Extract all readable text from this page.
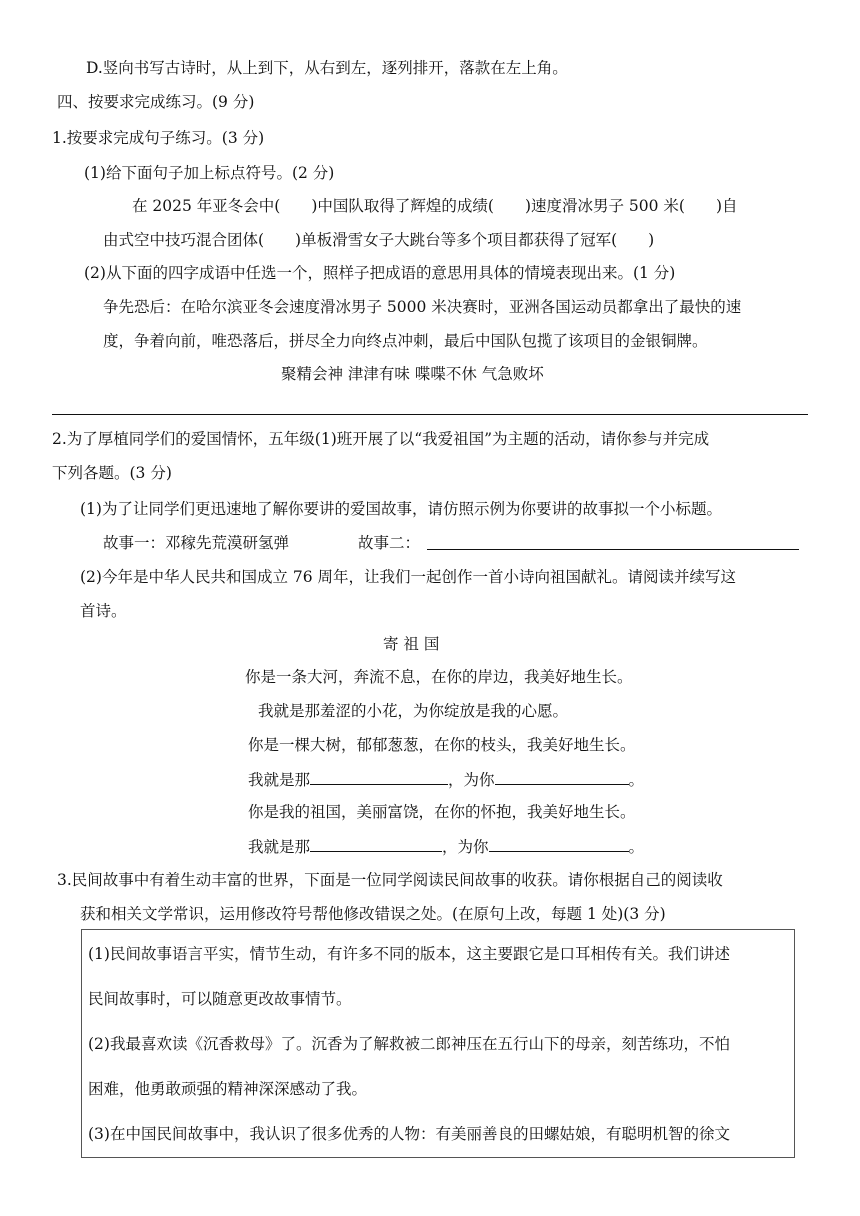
D.竖向书写古诗时，从上到下，从右到左，逐列排开，落款在左上角。
四、按要求完成练习。(9 分)
1.按要求完成句子练习。(3 分)
(1)给下面句子加上标点符号。(2 分)
在 2025 年亚冬会中(　　)中国队取得了辉煌的成绩(　　)速度滑冰男子 500 米(　　)自
由式空中技巧混合团体(　　)单板滑雪女子大跳台等多个项目都获得了冠军(　　)
(2)从下面的四字成语中任选一个，照样子把成语的意思用具体的情境表现出来。(1 分)
争先恐后：在哈尔滨亚冬会速度滑冰男子 5000 米决赛时，亚洲各国运动员都拿出了最快的速
度，争着向前，唯恐落后，拼尽全力向终点冲刺，最后中国队包揽了该项目的金银铜牌。
聚精会神 津津有味 喋喋不休 气急败坏
2.为了厚植同学们的爱国情怀，五年级(1)班开展了以“我爱祖国”为主题的活动，请你参与并完成
下列各题。(3 分)
(1)为了让同学们更迅速地了解你要讲的爱国故事，请仿照示例为你要讲的故事拟一个小标题。
故事一：邓稼先荒漠研氢弹	故事二：
(2)今年是中华人民共和国成立 76 周年，让我们一起创作一首小诗向祖国献礼。请阅读并续写这
首诗。
寄 祖 国
你是一条大河，奔流不息，在你的岸边，我美好地生长。
我就是那羞涩的小花，为你绽放是我的心愿。
你是一棵大树，郁郁葱葱，在你的枝头，我美好地生长。
我就是那	，为你	。
你是我的祖国，美丽富饶，在你的怀抱，我美好地生长。
我就是那	，为你	。
3.民间故事中有着生动丰富的世界，下面是一位同学阅读民间故事的收获。请你根据自己的阅读收
获和相关文学常识，运用修改符号帮他修改错误之处。(在原句上改，每题 1 处)(3 分)
(1)民间故事语言平实，情节生动，有许多不同的版本，这主要跟它是口耳相传有关。我们讲述
民间故事时，可以随意更改故事情节。
(2)我最喜欢读《沉香救母》了。沉香为了解救被二郎神压在五行山下的母亲，刻苦练功，不怕
困难，他勇敢顽强的精神深深感动了我。
(3)在中国民间故事中，我认识了很多优秀的人物：有美丽善良的田螺姑娘，有聪明机智的徐文
